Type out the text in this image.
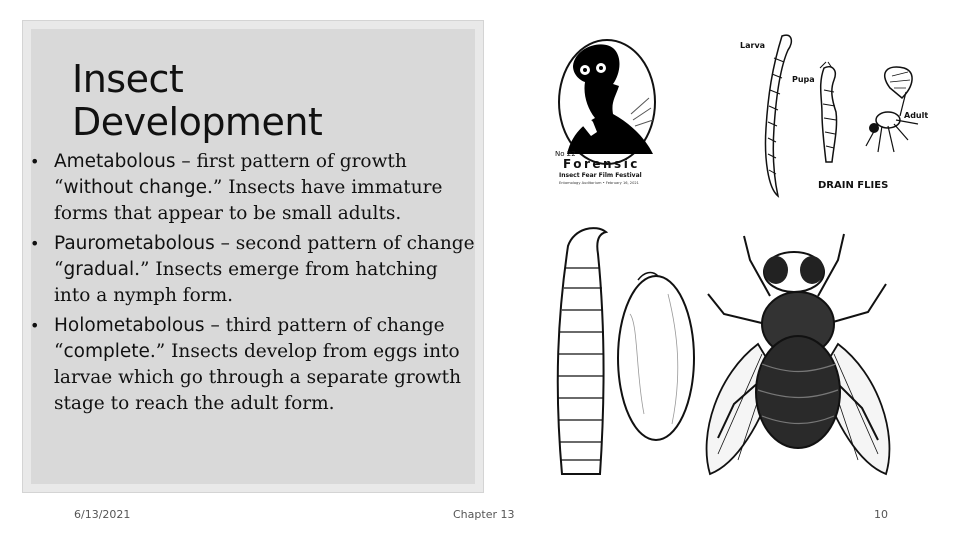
Insect
Development
• Ametabolous – first pattern of growth “without change.” Insects have immature forms that appear to be small adults.
• Paurometabolous – second pattern of change “gradual.” Insects emerge from hatching into a nymph form.
• Holometabolous – third pattern of change “complete.” Insects develop from eggs into larvae which go through a separate growth stage to reach the adult form.
6/13/2021	Chapter 13	10
No 22
Forensic
Insect Fear Film Festival
Entomology Auditorium • February 16, 2021
Larva
Pupa
Adult
DRAIN FLIES
